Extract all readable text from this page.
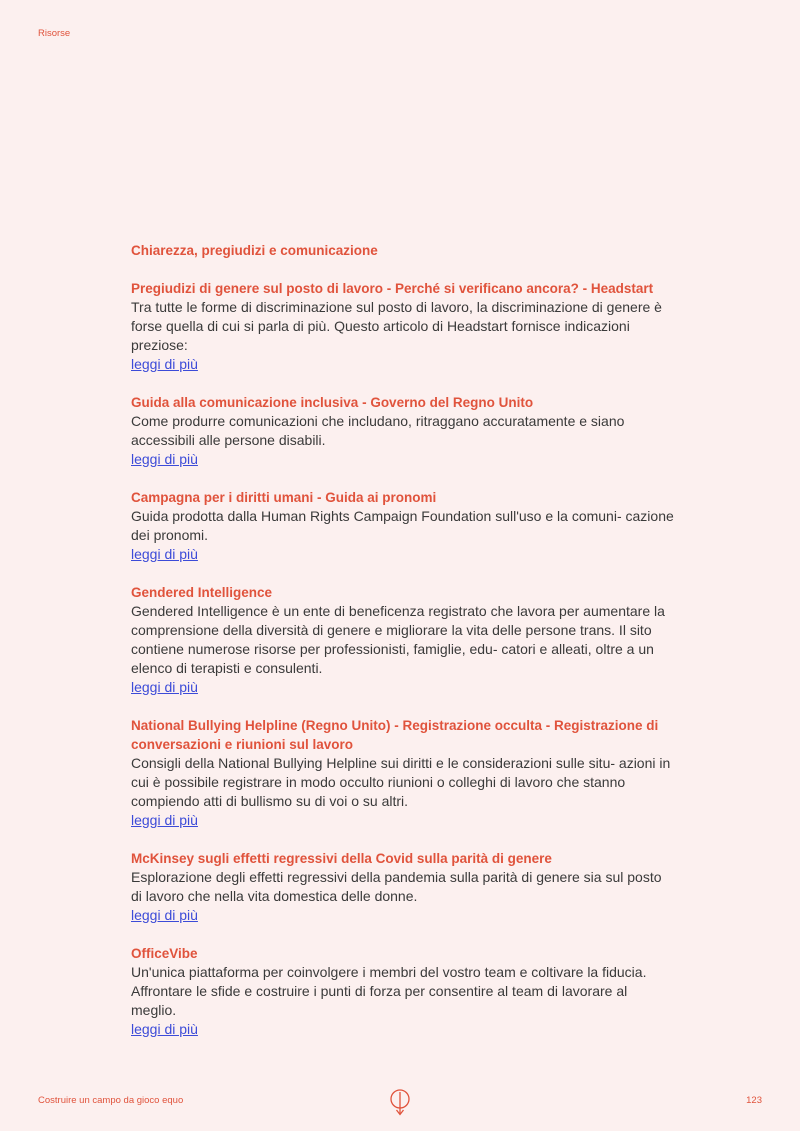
Risorse
Chiarezza, pregiudizi e comunicazione
Pregiudizi di genere sul posto di lavoro - Perché si verificano ancora? - Headstart
Tra tutte le forme di discriminazione sul posto di lavoro, la discriminazione di genere è forse quella di cui si parla di più. Questo articolo di Headstart fornisce indicazioni preziose:
leggi di più
Guida alla comunicazione inclusiva - Governo del Regno Unito
Come produrre comunicazioni che includano, ritraggano accuratamente e siano accessibili alle persone disabili.
leggi di più
Campagna per i diritti umani - Guida ai pronomi
Guida prodotta dalla Human Rights Campaign Foundation sull'uso e la comuni- cazione dei pronomi.
leggi di più
Gendered Intelligence
Gendered Intelligence è un ente di beneficenza registrato che lavora per aumentare la comprensione della diversità di genere e migliorare la vita delle persone trans. Il sito contiene numerose risorse per professionisti, famiglie, edu- catori e alleati, oltre a un elenco di terapisti e consulenti.
leggi di più
National Bullying Helpline (Regno Unito) - Registrazione occulta - Registrazione di conversazioni e riunioni sul lavoro
Consigli della National Bullying Helpline sui diritti e le considerazioni sulle situ- azioni in cui è possibile registrare in modo occulto riunioni o colleghi di lavoro che stanno compiendo atti di bullismo su di voi o su altri.
leggi di più
McKinsey sugli effetti regressivi della Covid sulla parità di genere
Esplorazione degli effetti regressivi della pandemia sulla parità di genere sia sul posto di lavoro che nella vita domestica delle donne.
leggi di più
OfficeVibe
Un'unica piattaforma per coinvolgere i membri del vostro team e coltivare la fiducia. Affrontare le sfide e costruire i punti di forza per consentire al team di lavorare al meglio.
leggi di più
Costruire un campo da gioco equo	123
